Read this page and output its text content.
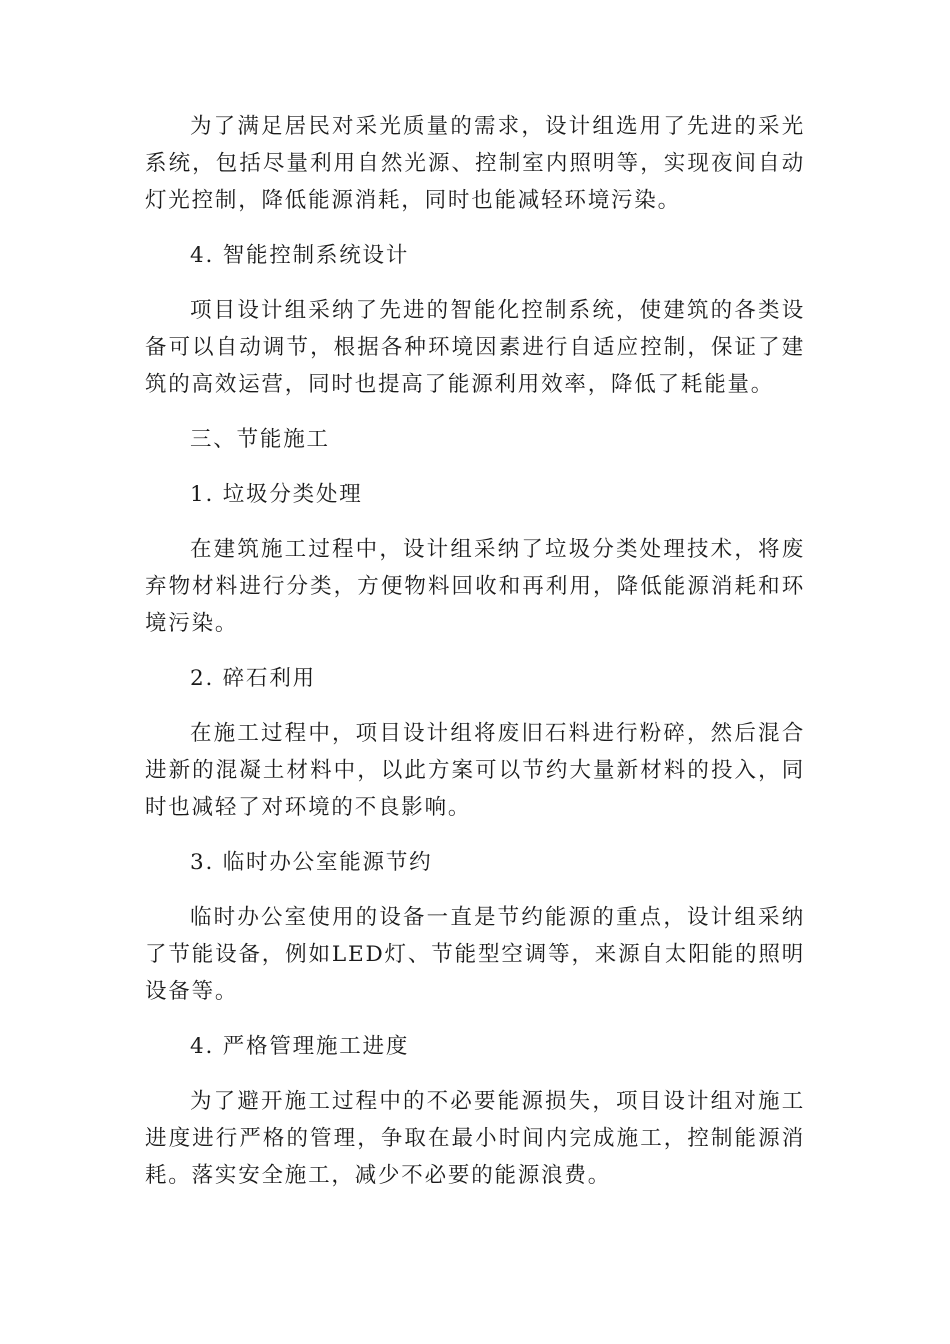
为了满足居民对采光质量的需求，设计组选用了先进的采光系统，包括尽量利用自然光源、控制室内照明等，实现夜间自动灯光控制，降低能源消耗，同时也能减轻环境污染。

4. 智能控制系统设计

项目设计组采纳了先进的智能化控制系统，使建筑的各类设备可以自动调节，根据各种环境因素进行自适应控制，保证了建筑的高效运营，同时也提高了能源利用效率，降低了耗能量。

三、节能施工

1. 垃圾分类处理

在建筑施工过程中，设计组采纳了垃圾分类处理技术，将废弃物材料进行分类，方便物料回收和再利用，降低能源消耗和环境污染。

2. 碎石利用

在施工过程中，项目设计组将废旧石料进行粉碎，然后混合进新的混凝土材料中，以此方案可以节约大量新材料的投入，同时也减轻了对环境的不良影响。

3. 临时办公室能源节约

临时办公室使用的设备一直是节约能源的重点，设计组采纳了节能设备，例如LED灯、节能型空调等，来源自太阳能的照明设备等。

4. 严格管理施工进度

为了避开施工过程中的不必要能源损失，项目设计组对施工进度进行严格的管理，争取在最小时间内完成施工，控制能源消耗。落实安全施工，减少不必要的能源浪费。
